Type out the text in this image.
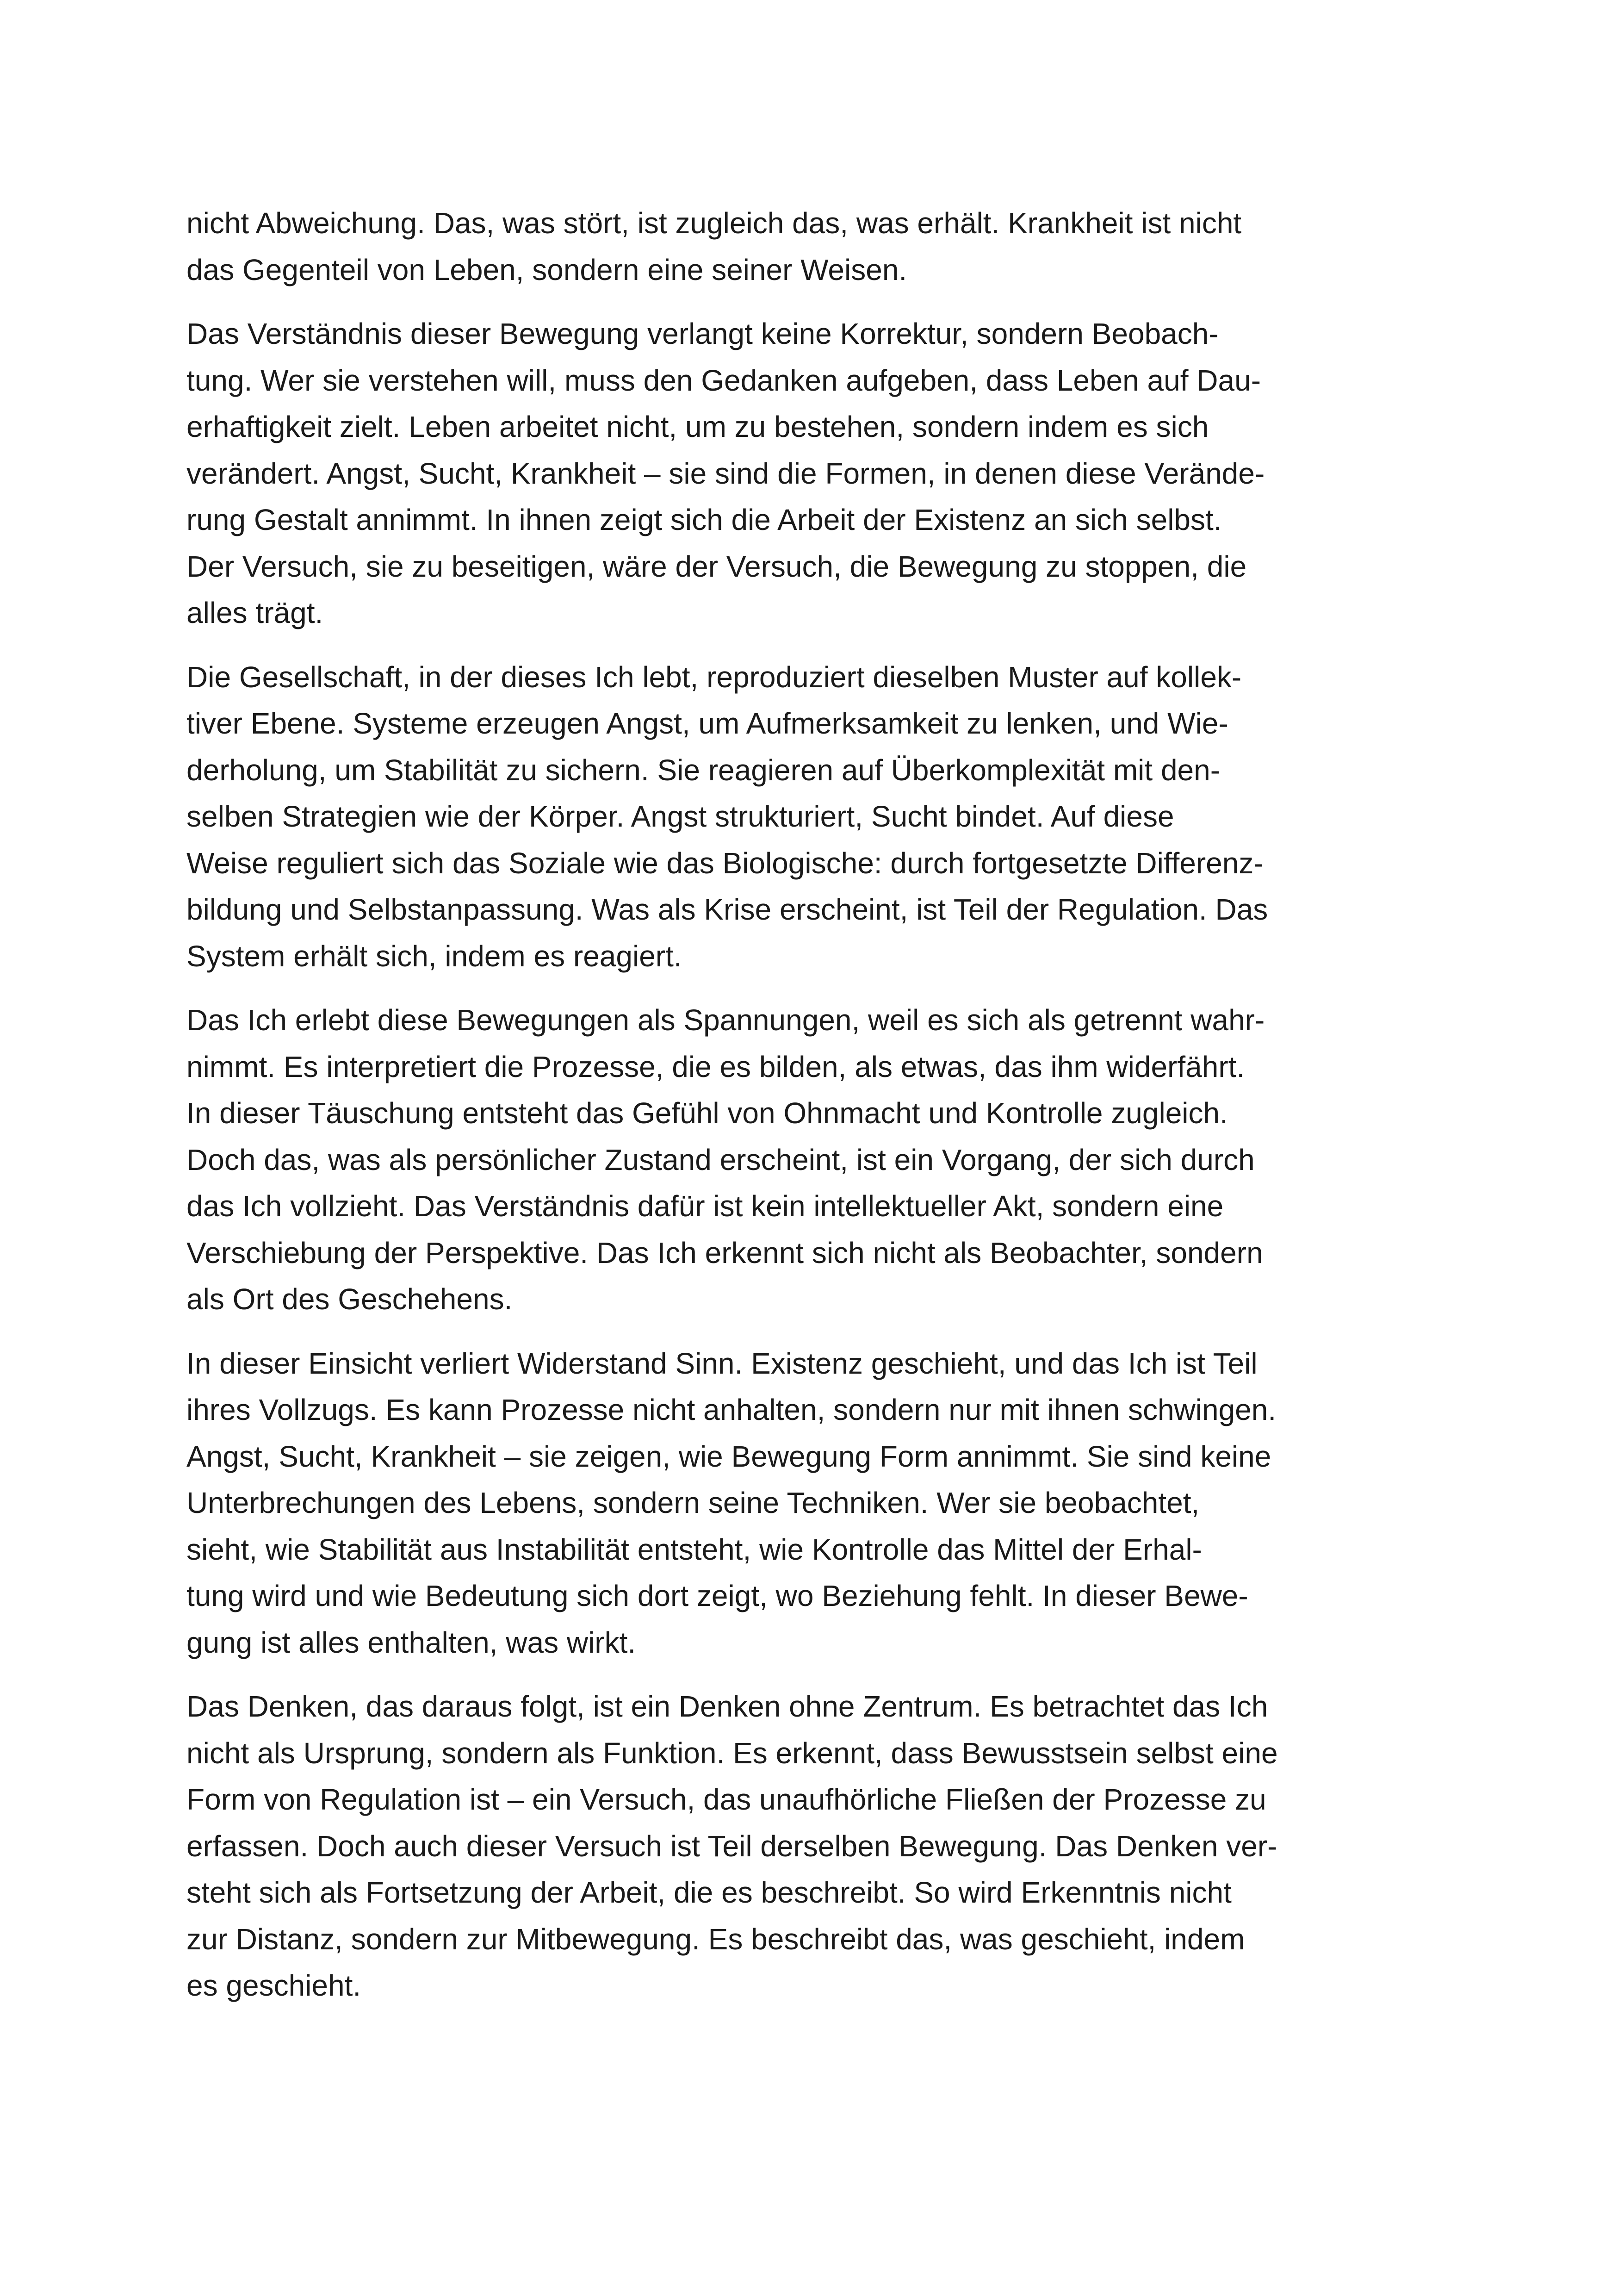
nicht Abweichung. Das, was stört, ist zugleich das, was erhält. Krankheit ist nicht
das Gegenteil von Leben, sondern eine seiner Weisen.

Das Verständnis dieser Bewegung verlangt keine Korrektur, sondern Beobach-
tung. Wer sie verstehen will, muss den Gedanken aufgeben, dass Leben auf Dau-
erhaftigkeit zielt. Leben arbeitet nicht, um zu bestehen, sondern indem es sich
verändert. Angst, Sucht, Krankheit – sie sind die Formen, in denen diese Verände-
rung Gestalt annimmt. In ihnen zeigt sich die Arbeit der Existenz an sich selbst.
Der Versuch, sie zu beseitigen, wäre der Versuch, die Bewegung zu stoppen, die
alles trägt.

Die Gesellschaft, in der dieses Ich lebt, reproduziert dieselben Muster auf kollek-
tiver Ebene. Systeme erzeugen Angst, um Aufmerksamkeit zu lenken, und Wie-
derholung, um Stabilität zu sichern. Sie reagieren auf Überkomplexität mit den-
selben Strategien wie der Körper. Angst strukturiert, Sucht bindet. Auf diese
Weise reguliert sich das Soziale wie das Biologische: durch fortgesetzte Differenz-
bildung und Selbstanpassung. Was als Krise erscheint, ist Teil der Regulation. Das
System erhält sich, indem es reagiert.

Das Ich erlebt diese Bewegungen als Spannungen, weil es sich als getrennt wahr-
nimmt. Es interpretiert die Prozesse, die es bilden, als etwas, das ihm widerfährt.
In dieser Täuschung entsteht das Gefühl von Ohnmacht und Kontrolle zugleich.
Doch das, was als persönlicher Zustand erscheint, ist ein Vorgang, der sich durch
das Ich vollzieht. Das Verständnis dafür ist kein intellektueller Akt, sondern eine
Verschiebung der Perspektive. Das Ich erkennt sich nicht als Beobachter, sondern
als Ort des Geschehens.

In dieser Einsicht verliert Widerstand Sinn. Existenz geschieht, und das Ich ist Teil
ihres Vollzugs. Es kann Prozesse nicht anhalten, sondern nur mit ihnen schwingen.
Angst, Sucht, Krankheit – sie zeigen, wie Bewegung Form annimmt. Sie sind keine
Unterbrechungen des Lebens, sondern seine Techniken. Wer sie beobachtet,
sieht, wie Stabilität aus Instabilität entsteht, wie Kontrolle das Mittel der Erhal-
tung wird und wie Bedeutung sich dort zeigt, wo Beziehung fehlt. In dieser Bewe-
gung ist alles enthalten, was wirkt.

Das Denken, das daraus folgt, ist ein Denken ohne Zentrum. Es betrachtet das Ich
nicht als Ursprung, sondern als Funktion. Es erkennt, dass Bewusstsein selbst eine
Form von Regulation ist – ein Versuch, das unaufhörliche Fließen der Prozesse zu
erfassen. Doch auch dieser Versuch ist Teil derselben Bewegung. Das Denken ver-
steht sich als Fortsetzung der Arbeit, die es beschreibt. So wird Erkenntnis nicht
zur Distanz, sondern zur Mitbewegung. Es beschreibt das, was geschieht, indem
es geschieht.
